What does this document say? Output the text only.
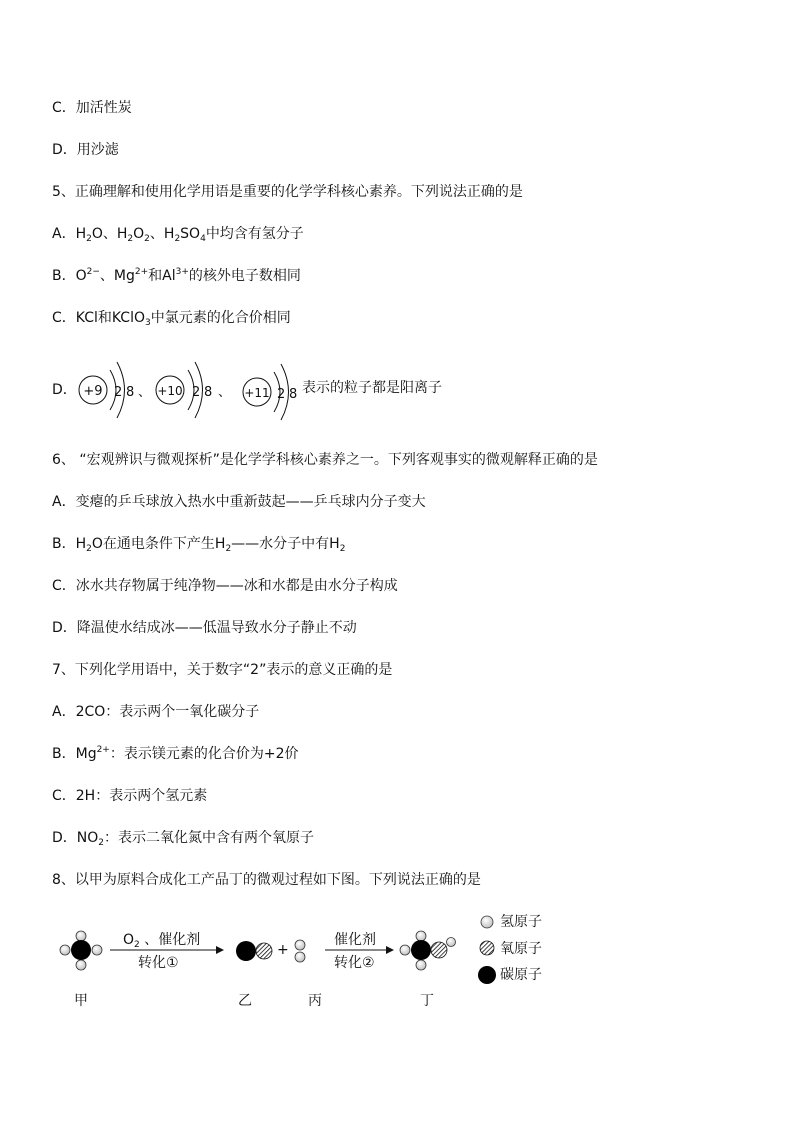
C．加活性炭
D．用沙滤
5、正确理解和使用化学用语是重要的化学学科核心素养。下列说法正确的是
A．$H_2O$、$H_2O_2$、$H_2SO_4$中均含有氢分子
B．$O^{2-}$、$Mg^{2+}$和$Al^{3+}$的核外电子数相同
C．KCl和KClO$_3$中氯元素的化合价相同
D． +9 2 8 、 +10 2 8 、 +11 2 8 表示的粒子都是阳离子
6、 “宏观辨识与微观探析”是化学学科核心素养之一。下列客观事实的微观解释正确的是
A．变瘪的乒乓球放入热水中重新鼓起——乒乓球内分子变大
B．$H_2O$在通电条件下产生$H_2——$水分子中有$H_2$
C．冰水共存物属于纯净物——冰和水都是由水分子构成
D．降温使水结成冰——低温导致水分子静止不动
7、下列化学用语中，关于数字“2”表示的意义正确的是
A．2CO：表示两个一氧化碳分子
B．$Mg^{2+}$：表示镁元素的化合价为+2价
C．2H：表示两个氢元素
D．$NO_2$：表示二氧化氮中含有两个氧原子
8、以甲为原料合成化工产品丁的微观过程如下图。下列说法正确的是
$O_2$ 、催化剂
转化①
+
催化剂
转化②
甲	乙	丙	丁
氢原子
氧原子
碳原子
